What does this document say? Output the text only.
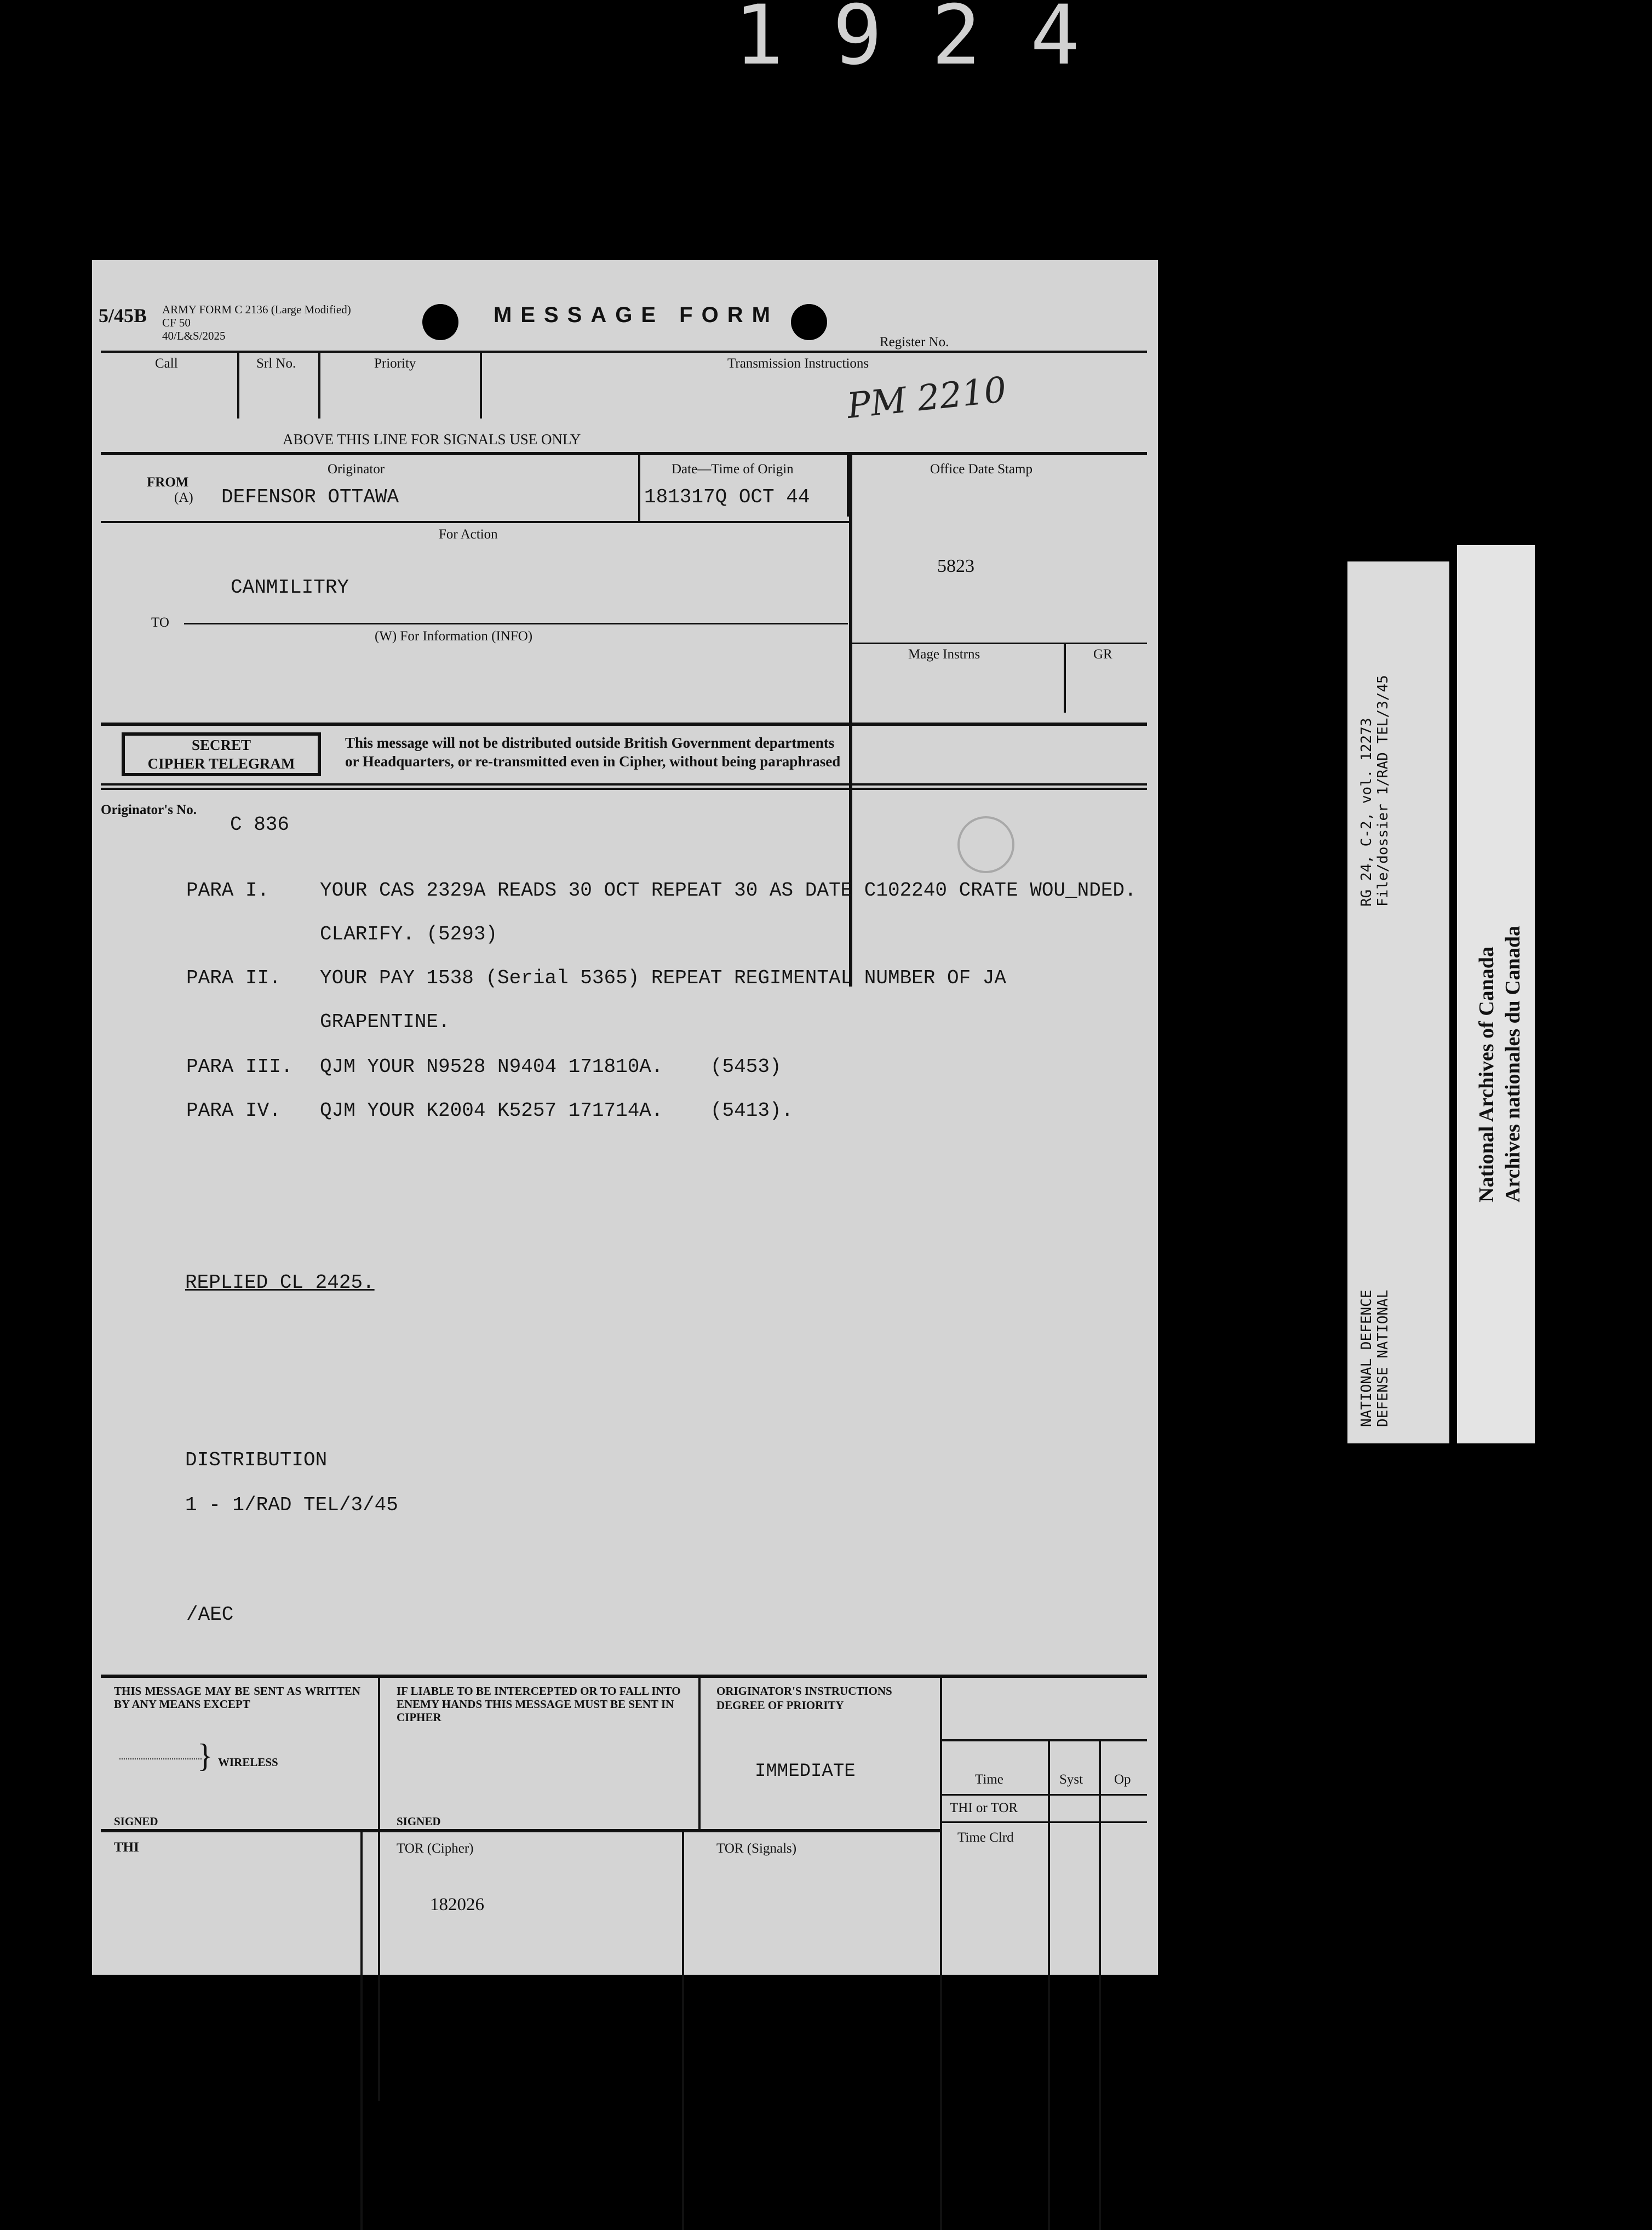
1924
5/45B ARMY FORM C 2136 (Large Modified)
CF 50
40/L&S/2025
MESSAGE FORM
Register No.
Call	Srl No.	Priority	Transmission Instructions
PM 2210
ABOVE THIS LINE FOR SIGNALS USE ONLY
FROM
(A)
Originator
DEFENSOR OTTAWA
Date—Time of Origin
181317Q OCT 44
Office Date Stamp
5823
For Action
CANMILITRY
TO
(W) For Information (INFO)
Mage Instrns	GR
SECRET
CIPHER TELEGRAM
This message will not be distributed outside British Government departments
or Headquarters, or re-transmitted even in Cipher, without being paraphrased
Originator's No.
C 836
PARA I.	YOUR CAS 2329A READS 30 OCT REPEAT 30 AS DATE C102240 CRATE WOU_NDED.
CLARIFY. (5293)
PARA II. YOUR PAY 1538 (Serial 5365) REPEAT REGIMENTAL NUMBER OF JA
GRAPENTINE.
PARA III. QJM YOUR N9528 N9404 171810A.    (5453)
PARA IV. QJM YOUR K2004 K5257 171714A.    (5413).
REPLIED CL 2425.
DISTRIBUTION
1 - 1/RAD TEL/3/45
/AEC
THIS MESSAGE MAY BE SENT AS WRITTEN BY ANY MEANS EXCEPT
} WIRELESS
SIGNED
IF LIABLE TO BE INTERCEPTED OR TO FALL INTO ENEMY HANDS THIS MESSAGE MUST BE SENT IN CIPHER
SIGNED
ORIGINATOR'S INSTRUCTIONS
DEGREE OF PRIORITY
IMMEDIATE	Time	Syst Op
THI or TOR
Time Clrd
THI	TOR (Cipher)
182026
TOR (Signals)
RG 24, C-2, vol. 12273 File/dossier 1/RAD TEL/3/45
NATIONAL DEFENCE DEFENSE NATIONAL
National Archives of Canada Archives nationales du Canada
